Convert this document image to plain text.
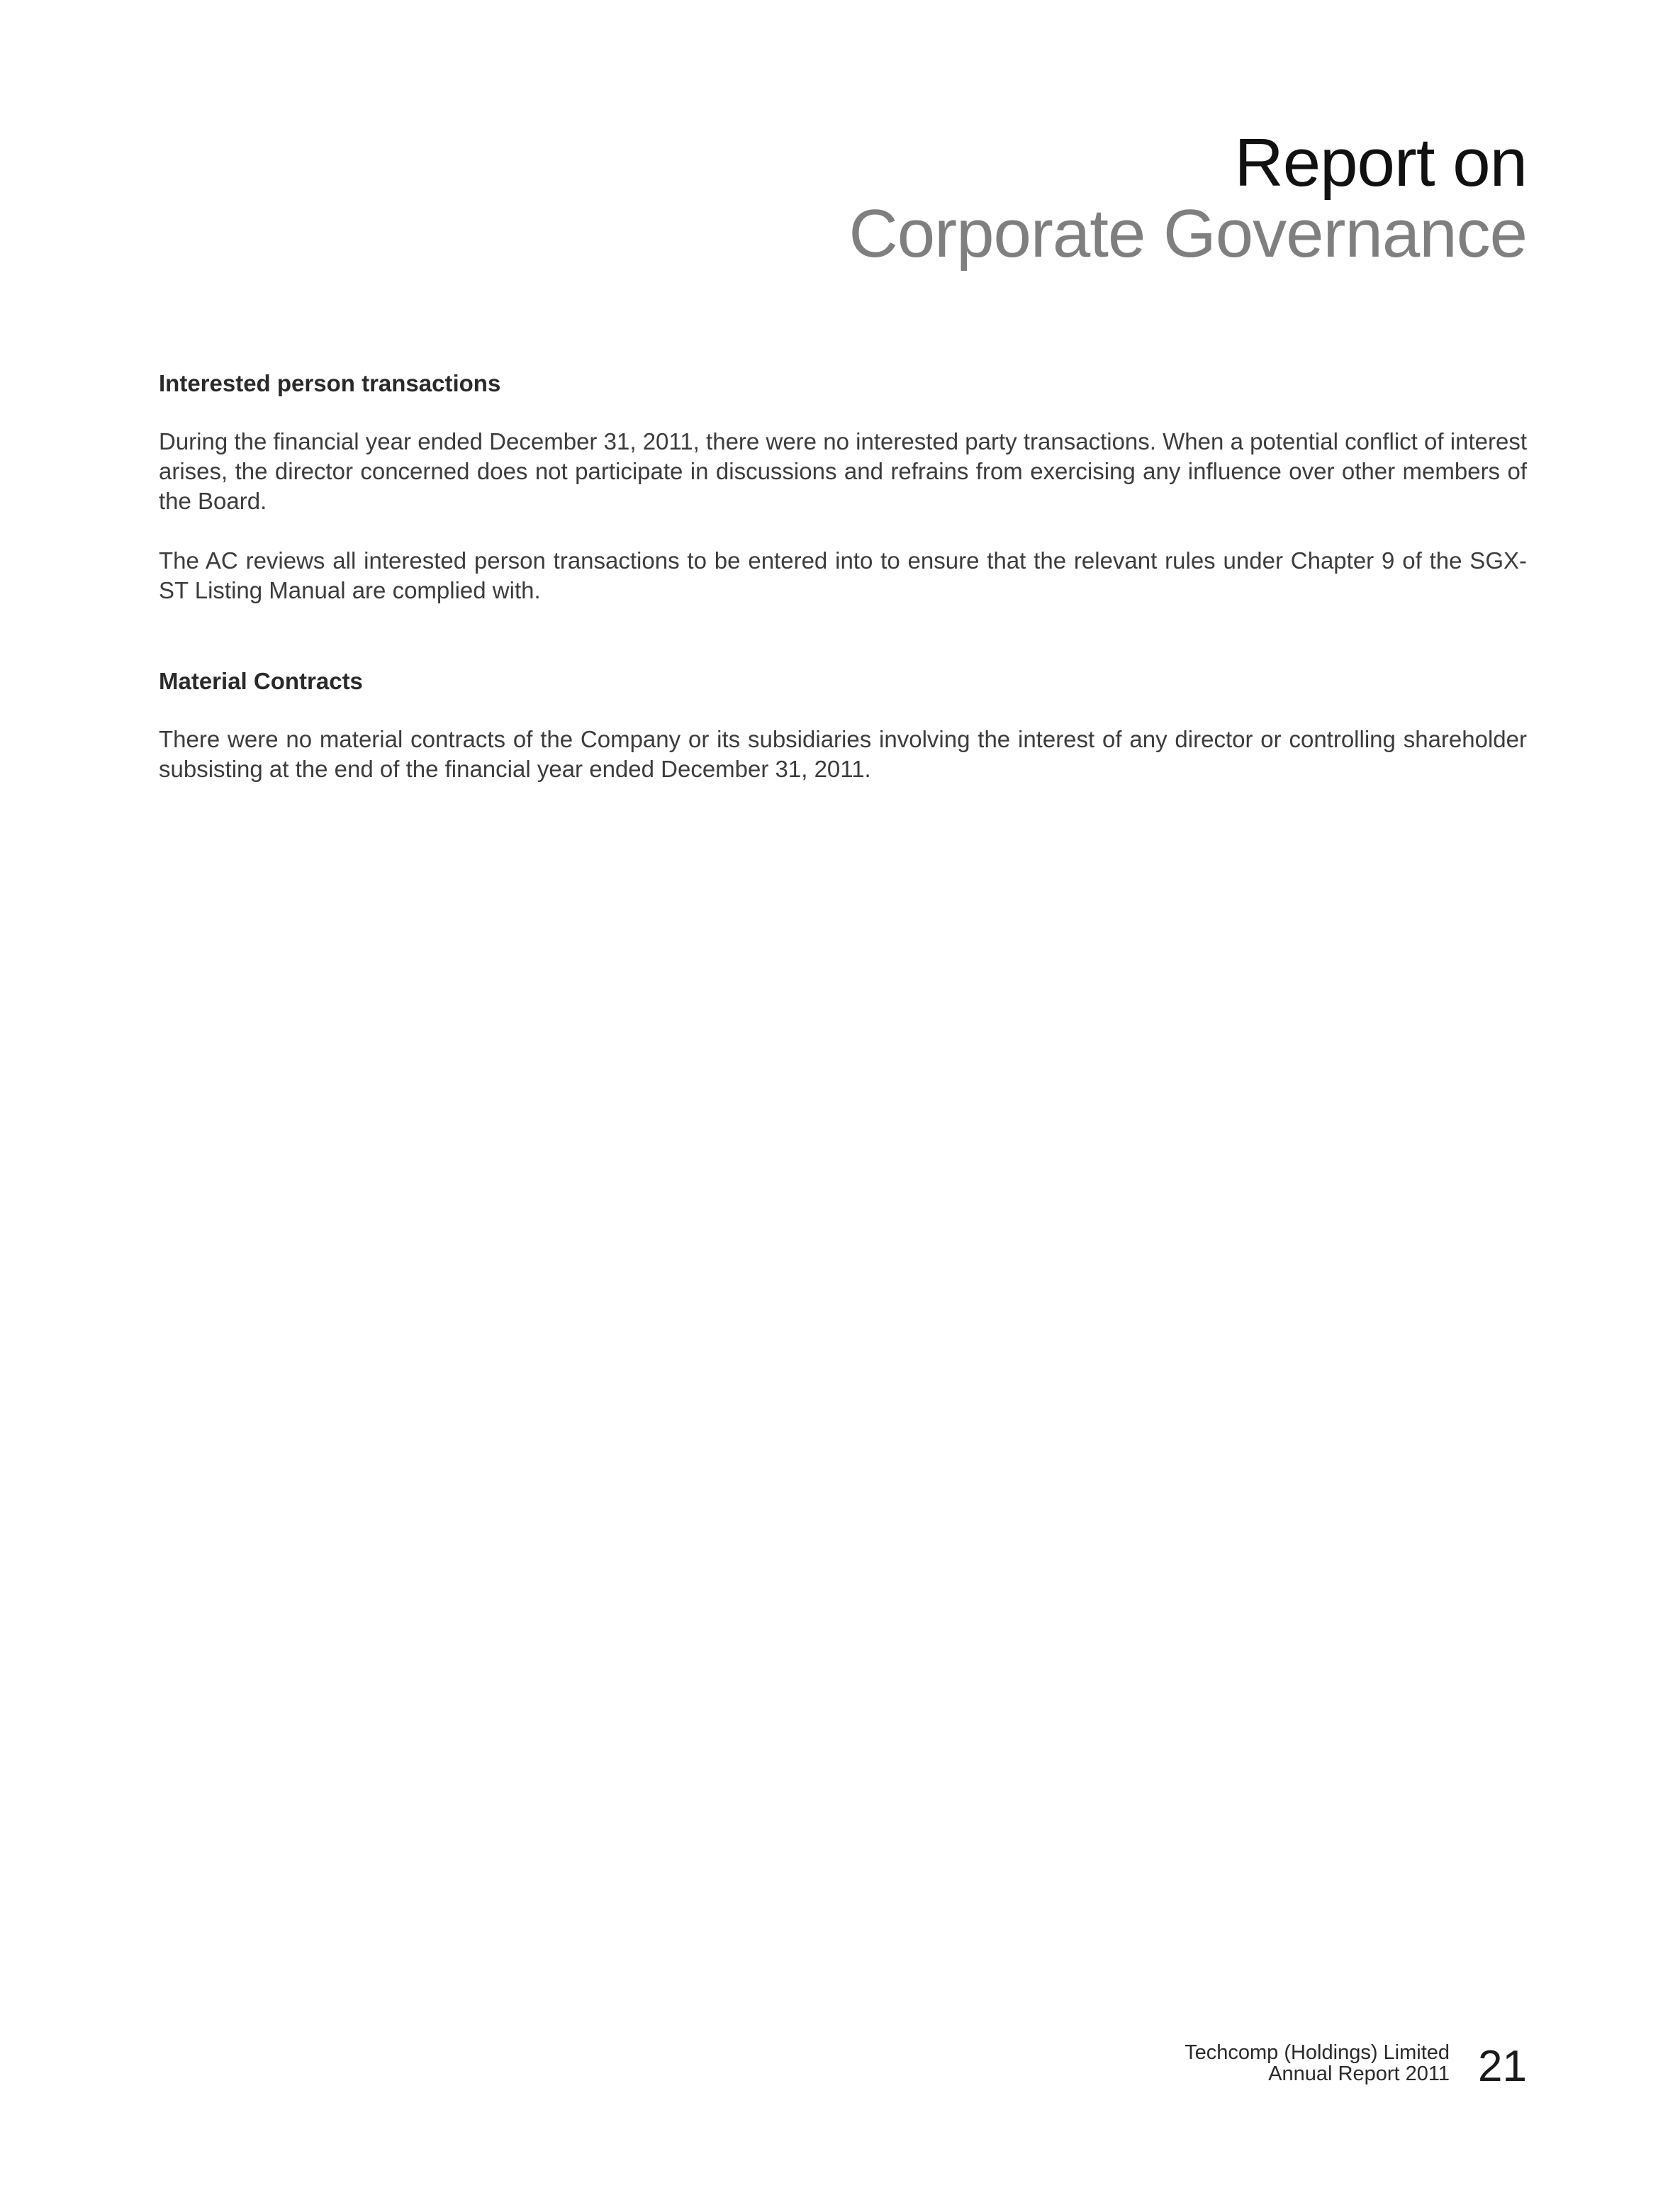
Report on
Corporate Governance
Interested person transactions

During the financial year ended December 31, 2011, there were no interested party transactions. When a potential conflict of interest arises, the director concerned does not participate in discussions and refrains from exercising any influence over other members of the Board.

The AC reviews all interested person transactions to be entered into to ensure that the relevant rules under Chapter 9 of the SGX-ST Listing Manual are complied with.

Material Contracts

There were no material contracts of the Company or its subsidiaries involving the interest of any director or controlling shareholder subsisting at the end of the financial year ended December 31, 2011.

Techcomp (Holdings) Limited
Annual Report 2011 21
